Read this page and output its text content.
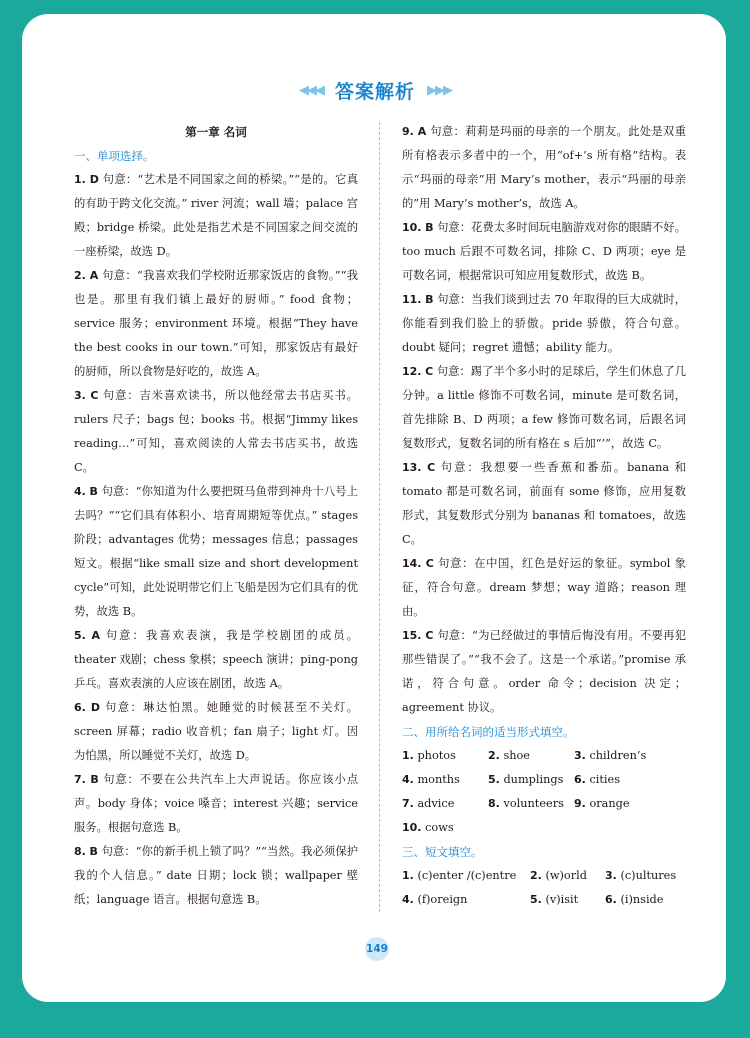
◀◀◀ 答案解析 ▶▶▶
第一章 名词
一、单项选择。
1. D 句意：“艺术是不同国家之间的桥梁。”“是的。它真的有助于跨文化交流。” river 河流；wall 墙；palace 宫殿；bridge 桥梁。此处是指艺术是不同国家之间交流的一座桥梁，故选 D。
2. A 句意：“我喜欢我们学校附近那家饭店的食物。”“我也是。那里有我们镇上最好的厨师。” food 食物；service 服务；environment 环境。根据“They have the best cooks in our town.”可知，那家饭店有最好的厨师，所以食物是好吃的，故选 A。
3. C 句意：吉米喜欢读书，所以他经常去书店买书。rulers 尺子；bags 包；books 书。根据“Jimmy likes reading…”可知，喜欢阅读的人常去书店买书，故选 C。
4. B 句意：“你知道为什么要把斑马鱼带到神舟十八号上去吗？”“它们具有体积小、培育周期短等优点。” stages 阶段；advantages 优势；messages 信息；passages 短文。根据“like small size and short development cycle”可知，此处说明带它们上飞船是因为它们具有的优势，故选 B。
5. A 句意：我喜欢表演，我是学校剧团的成员。theater 戏剧；chess 象棋；speech 演讲；ping-pong 乒乓。喜欢表演的人应该在剧团，故选 A。
6. D 句意：琳达怕黑。她睡觉的时候甚至不关灯。screen 屏幕；radio 收音机；fan 扇子；light 灯。因为怕黑，所以睡觉不关灯，故选 D。
7. B 句意：不要在公共汽车上大声说话。你应该小点声。body 身体；voice 嗓音；interest 兴趣；service 服务。根据句意选 B。
8. B 句意：“你的新手机上锁了吗？”“当然。我必须保护我的个人信息。” date 日期；lock 锁；wallpaper 壁纸；language 语言。根据句意选 B。
9. A 句意：莉莉是玛丽的母亲的一个朋友。此处是双重所有格表示多者中的一个，用“of+’s 所有格”结构。表示“玛丽的母亲”用 Mary’s mother，表示“玛丽的母亲的”用 Mary’s mother’s，故选 A。
10. B 句意：花费太多时间玩电脑游戏对你的眼睛不好。too much 后跟不可数名词，排除 C、D 两项；eye 是可数名词，根据常识可知应用复数形式，故选 B。
11. B 句意：当我们谈到过去 70 年取得的巨大成就时，你能看到我们脸上的骄傲。pride 骄傲，符合句意。doubt 疑问；regret 遗憾；ability 能力。
12. C 句意：踢了半个多小时的足球后，学生们休息了几分钟。a little 修饰不可数名词，minute 是可数名词，首先排除 B、D 两项；a few 修饰可数名词，后跟名词复数形式，复数名词的所有格在 s 后加“’”，故选 C。
13. C 句意：我想要一些香蕉和番茄。banana 和 tomato 都是可数名词，前面有 some 修饰，应用复数形式，其复数形式分别为 bananas 和 tomatoes，故选 C。
14. C 句意：在中国，红色是好运的象征。symbol 象征，符合句意。dream 梦想；way 道路；reason 理由。
15. C 句意：“为已经做过的事情后悔没有用。不要再犯那些错误了。”“我不会了。这是一个承诺。”promise 承诺，符合句意。order 命令；decision 决定；agreement 协议。
二、用所给名词的适当形式填空。
1. photos	2. shoe	3. children’s
4. months	5. dumplings 6. cities
7. advice	8. volunteers 9. orange
10. cows
三、短文填空。
1. (c)enter /(c)entre	2. (w)orld	3. (c)ultures
4. (f)oreign	5. (v)isit	6. (i)nside
149
